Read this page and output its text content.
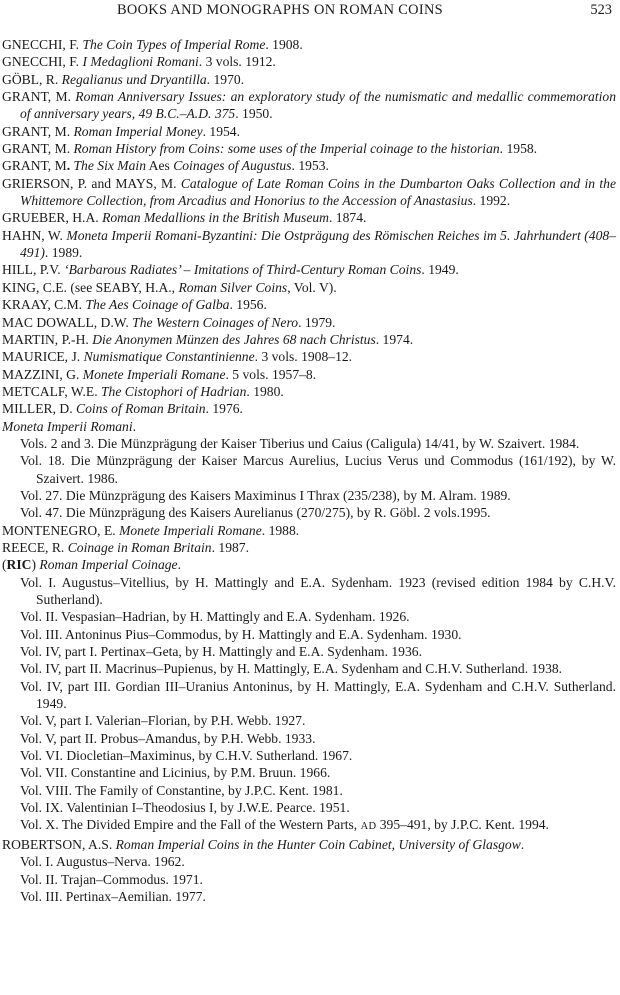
BOOKS AND MONOGRAPHS ON ROMAN COINS	523
GNECCHI, F. The Coin Types of Imperial Rome. 1908.
GNECCHI, F. I Medaglioni Romani. 3 vols. 1912.
GÖBL, R. Regalianus und Dryantilla. 1970.
GRANT, M. Roman Anniversary Issues: an exploratory study of the numismatic and medallic commemoration of anniversary years, 49 B.C.–A.D. 375. 1950.
GRANT, M. Roman Imperial Money. 1954.
GRANT, M. Roman History from Coins: some uses of the Imperial coinage to the historian. 1958.
GRANT, M. The Six Main Aes Coinages of Augustus. 1953.
GRIERSON, P. and MAYS, M. Catalogue of Late Roman Coins in the Dumbarton Oaks Collection and in the Whittemore Collection, from Arcadius and Honorius to the Accession of Anastasius. 1992.
GRUEBER, H.A. Roman Medallions in the British Museum. 1874.
HAHN, W. Moneta Imperii Romani-Byzantini: Die Ostprägung des Römischen Reiches im 5. Jahrhundert (408–491). 1989.
HILL, P.V. ‘Barbarous Radiates’ – Imitations of Third-Century Roman Coins. 1949.
KING, C.E. (see SEABY, H.A., Roman Silver Coins, Vol. V).
KRAAY, C.M. The Aes Coinage of Galba. 1956.
MAC DOWALL, D.W. The Western Coinages of Nero. 1979.
MARTIN, P.-H. Die Anonymen Münzen des Jahres 68 nach Christus. 1974.
MAURICE, J. Numismatique Constantinienne. 3 vols. 1908–12.
MAZZINI, G. Monete Imperiali Romane. 5 vols. 1957–8.
METCALF, W.E. The Cistophori of Hadrian. 1980.
MILLER, D. Coins of Roman Britain. 1976.
Moneta Imperii Romani.
Vols. 2 and 3. Die Münzprägung der Kaiser Tiberius und Caius (Caligula) 14/41, by W. Szaivert. 1984.
Vol. 18. Die Münzprägung der Kaiser Marcus Aurelius, Lucius Verus und Commodus (161/192), by W. Szaivert. 1986.
Vol. 27. Die Münzprägung des Kaisers Maximinus I Thrax (235/238), by M. Alram. 1989.
Vol. 47. Die Münzprägung des Kaisers Aurelianus (270/275), by R. Göbl. 2 vols.1995.
MONTENEGRO, E. Monete Imperiali Romane. 1988.
REECE, R. Coinage in Roman Britain. 1987.
(RIC) Roman Imperial Coinage.
Vol. I. Augustus–Vitellius, by H. Mattingly and E.A. Sydenham. 1923 (revised edition 1984 by C.H.V. Sutherland).
Vol. II. Vespasian–Hadrian, by H. Mattingly and E.A. Sydenham. 1926.
Vol. III. Antoninus Pius–Commodus, by H. Mattingly and E.A. Sydenham. 1930.
Vol. IV, part I. Pertinax–Geta, by H. Mattingly and E.A. Sydenham. 1936.
Vol. IV, part II. Macrinus–Pupienus, by H. Mattingly, E.A. Sydenham and C.H.V. Sutherland. 1938.
Vol. IV, part III. Gordian III–Uranius Antoninus, by H. Mattingly, E.A. Sydenham and C.H.V. Sutherland. 1949.
Vol. V, part I. Valerian–Florian, by P.H. Webb. 1927.
Vol. V, part II. Probus–Amandus, by P.H. Webb. 1933.
Vol. VI. Diocletian–Maximinus, by C.H.V. Sutherland. 1967.
Vol. VII. Constantine and Licinius, by P.M. Bruun. 1966.
Vol. VIII. The Family of Constantine, by J.P.C. Kent. 1981.
Vol. IX. Valentinian I–Theodosius I, by J.W.E. Pearce. 1951.
Vol. X. The Divided Empire and the Fall of the Western Parts, AD 395–491, by J.P.C. Kent. 1994.
ROBERTSON, A.S. Roman Imperial Coins in the Hunter Coin Cabinet, University of Glasgow.
Vol. I. Augustus–Nerva. 1962.
Vol. II. Trajan–Commodus. 1971.
Vol. III. Pertinax–Aemilian. 1977.
